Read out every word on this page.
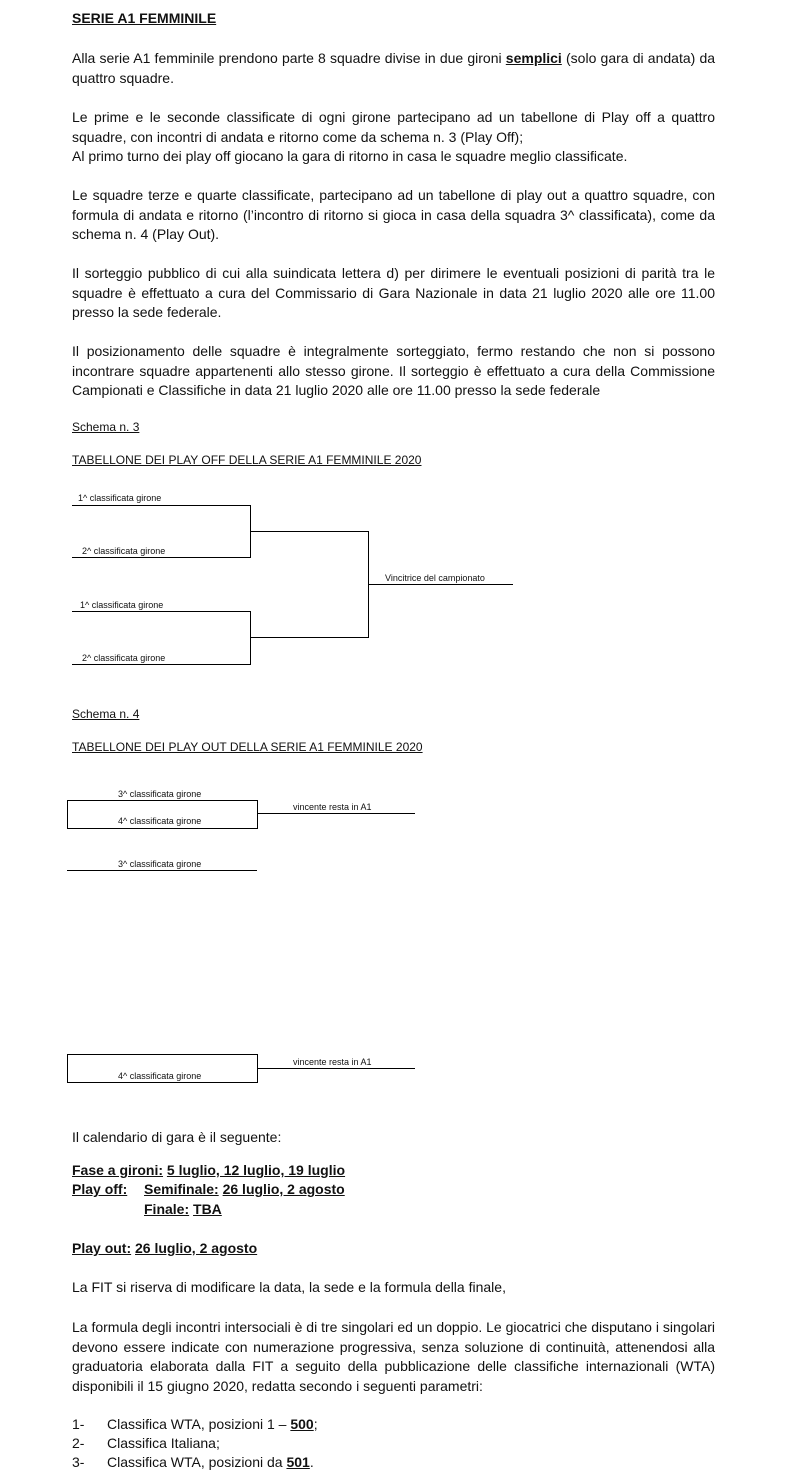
SERIE A1 FEMMINILE

Alla serie A1 femminile prendono parte 8 squadre divise in due gironi semplici (solo gara di andata) da quattro squadre.

Le prime e le seconde classificate di ogni girone partecipano ad un tabellone di Play off a quattro squadre, con incontri di andata e ritorno come da schema n. 3 (Play Off);

Al primo turno dei play off giocano la gara di ritorno in casa le squadre meglio classificate.

Le squadre terze e quarte classificate, partecipano ad un tabellone di play out a quattro squadre, con formula di andata e ritorno (l’incontro di ritorno si gioca in casa della squadra 3^ classificata), come da schema n. 4 (Play Out).

Il sorteggio pubblico di cui alla suindicata lettera d) per dirimere le eventuali posizioni di parità tra le squadre è effettuato a cura del Commissario di Gara Nazionale in data 21 luglio 2020 alle ore 11.00 presso la sede federale.

Il posizionamento delle squadre è integralmente sorteggiato, fermo restando che non si possono incontrare squadre appartenenti allo stesso girone. Il sorteggio è effettuato a cura della Commissione Campionati e Classifiche in data 21 luglio 2020 alle ore 11.00 presso la sede federale

Schema n. 3
TABELLONE DEI PLAY OFF DELLA SERIE A1 FEMMINILE 2020
1^ classificata girone
2^ classificata girone
1^ classificata girone
2^ classificata girone
Vincitrice del campionato
Schema n. 4
TABELLONE DEI PLAY OUT DELLA SERIE A1 FEMMINILE 2020
3^ classificata girone
4^ classificata girone
vincente resta in A1
3^ classificata girone
4^ classificata girone
vincente resta in A1
Il calendario di gara è il seguente:
Fase a gironi: 5 luglio, 12 luglio, 19 luglio
Play off: Semifinale: 26 luglio, 2 agosto
Finale: TBA
Play out: 26 luglio, 2 agosto
La FIT si riserva di modificare la data, la sede e la formula della finale,

La formula degli incontri intersociali è di tre singolari ed un doppio. Le giocatrici che disputano i singolari devono essere indicate con numerazione progressiva, senza soluzione di continuità, attenendosi alla graduatoria elaborata dalla FIT a seguito della pubblicazione delle classifiche internazionali (WTA) disponibili il 15 giugno 2020, redatta secondo i seguenti parametri:

1- Classifica WTA, posizioni 1 – 500;
2- Classifica Italiana;
3- Classifica WTA, posizioni da 501.
